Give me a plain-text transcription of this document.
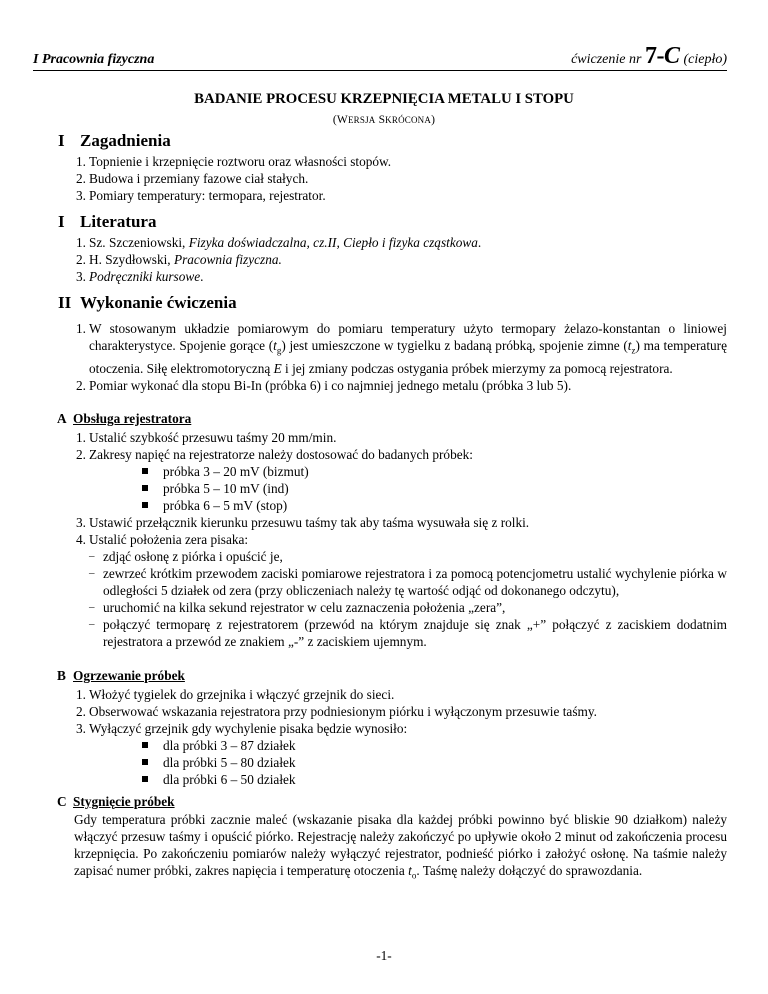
I Pracownia fizyczna	ćwiczenie nr 7-C (ciepło)
BADANIE PROCESU KRZEPNIĘCIA METALU I STOPU
(WERSJA SKRÓCONA)
I Zagadnienia
1. Topnienie i krzepnięcie roztworu oraz własności stopów.
2. Budowa i przemiany fazowe ciał stałych.
3. Pomiary temperatury: termopara, rejestrator.
I Literatura
1. Sz. Szczeniowski, Fizyka doświadczalna, cz.II, Ciepło i fizyka cząstkowa.
2. H. Szydłowski, Pracownia fizyczna.
3. Podręczniki kursowe.
II Wykonanie ćwiczenia
1. W stosowanym układzie pomiarowym do pomiaru temperatury użyto termopary żelazo-konstantan o liniowej charakterystyce. Spojenie gorące $(t_g)$ jest umieszczone w tygielku z badaną próbką, spojenie zimne $(t_z)$ ma temperaturę otoczenia. Siłę elektromotoryczną E i jej zmiany podczas ostygania próbek mierzymy za pomocą rejestratora.
2. Pomiar wykonać dla stopu Bi-In (próbka 6) i co najmniej jednego metalu (próbka 3 lub 5).
A Obsługa rejestratora
1. Ustalić szybkość przesuwu taśmy 20 mm/min.
2. Zakresy napięć na rejestratorze należy dostosować do badanych próbek:
próbka 3 – 20 mV (bizmut)
próbka 5 – 10 mV (ind)
próbka 6 – 5 mV (stop)
3. Ustawić przełącznik kierunku przesuwu taśmy tak aby taśma wysuwała się z rolki.
4. Ustalić położenia zera pisaka:
– zdjąć osłonę z piórka i opuścić je,
– zewrzeć krótkim przewodem zaciski pomiarowe rejestratora i za pomocą potencjometru ustalić wychylenie piórka w odległości 5 działek od zera (przy obliczeniach należy tę wartość odjąć od dokonanego odczytu),
– uruchomić na kilka sekund rejestrator w celu zaznaczenia położenia „zera”,
– połączyć termoparę z rejestratorem (przewód na którym znajduje się znak „+” połączyć z zaciskiem dodatnim rejestratora a przewód ze znakiem „-” z zaciskiem ujemnym.
B Ogrzewanie próbek
1. Włożyć tygielek do grzejnika i włączyć grzejnik do sieci.
2. Obserwować wskazania rejestratora przy podniesionym piórku i wyłączonym przesuwie taśmy.
3. Wyłączyć grzejnik gdy wychylenie pisaka będzie wynosiło:
dla próbki 3 – 87 działek
dla próbki 5 – 80 działek
dla próbki 6 – 50 działek
C Stygnięcie próbek
Gdy temperatura próbki zacznie maleć (wskazanie pisaka dla każdej próbki powinno być bliskie 90 działkom) należy włączyć przesuw taśmy i opuścić piórko. Rejestrację należy zakończyć po upływie około 2 minut od zakończenia procesu krzepnięcia. Po zakończeniu pomiarów należy wyłączyć rejestrator, podnieść piórko i założyć osłonę. Na taśmie należy zapisać numer próbki, zakres napięcia i temperaturę otoczenia $t_o$. Taśmę należy dołączyć do sprawozdania.
-1-
